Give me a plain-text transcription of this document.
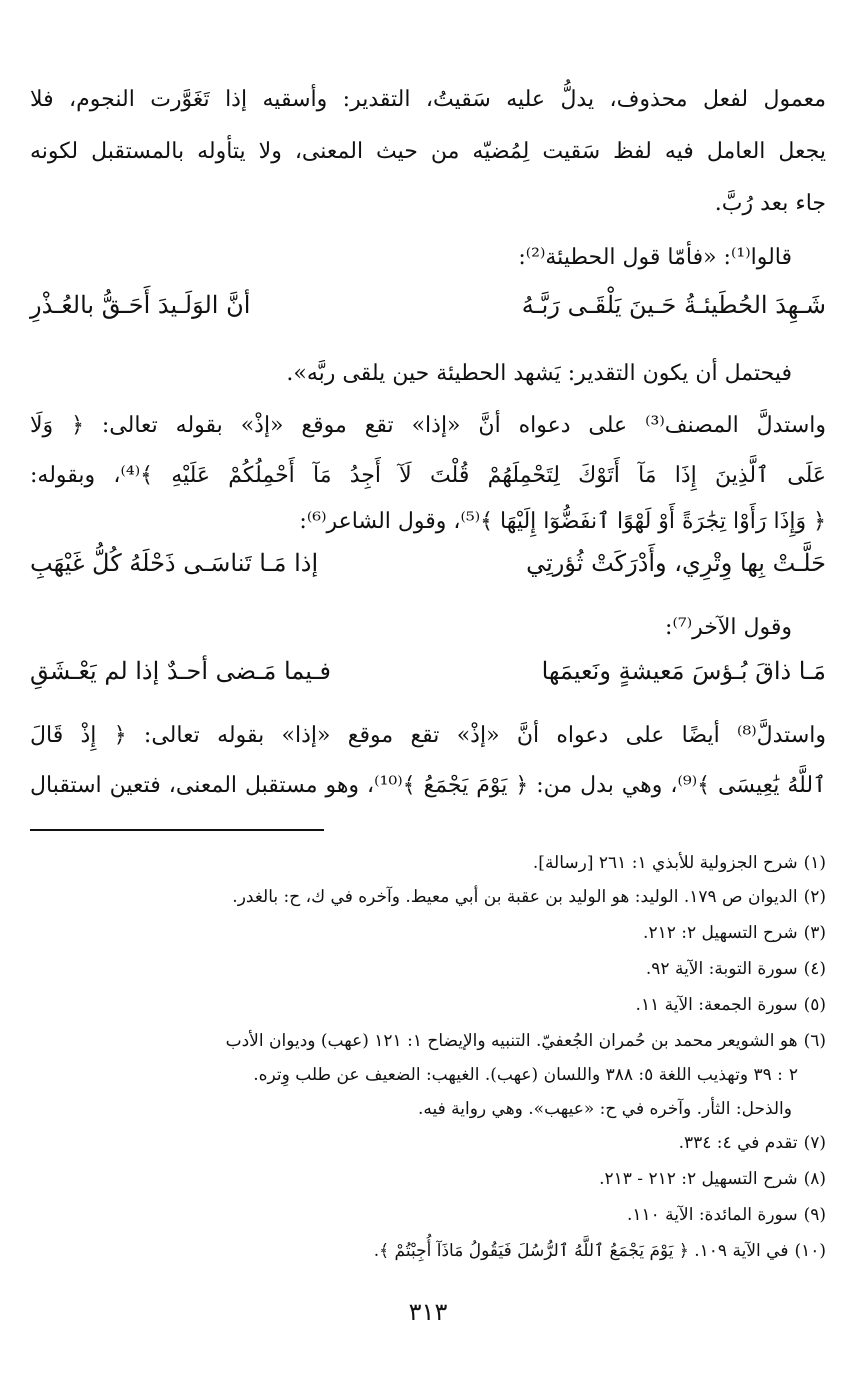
معمول لفعل محذوف، يدلُّ عليه سَقيتُ، التقدير: وأسقيه إذا تَغَوَّرت النجوم، فلا
يجعل العامل فيه لفظ سَقيت لِمُضيّه من حيث المعنى، ولا يتأوله بالمستقبل لكونه
جاء بعد رُبَّ.
قالوا⁽¹⁾: «فأمّا قول الحطيئة⁽²⁾:
شَـهِدَ الحُطَيئـةُ حَـينَ يَلْقَـى رَبَّـهُ
أنَّ الوَلَـيدَ أَحَـقُّ بالعُـذْرِ
فيحتمل أن يكون التقدير: يَشهد الحطيئة حين يلقى ربَّه».
واستدلَّ المصنف⁽³⁾ على دعواه أنَّ «إذا» تقع موقع «إذْ» بقوله تعالى: ﴿ وَلَا
عَلَى ٱلَّذِينَ إِذَا مَآ أَتَوْكَ لِتَحْمِلَهُمْ قُلْتَ لَآ أَجِدُ مَآ أَحْمِلُكُمْ عَلَيْهِ ﴾⁽⁴⁾، وبقوله:
﴿ وَإِذَا رَأَوْا تِجَٰرَةً أَوْ لَهْوًا ٱنفَضُّوٓا إِلَيْهَا ﴾⁽⁵⁾، وقول الشاعر⁽⁶⁾:
حَلَّـتْ بِها وِتْرِي، وأَدْرَكَتْ ثُؤرتِي
إذا مَـا تَناسَـى ذَحْلَهُ كُلُّ غَيْهَبِ
وقول الآخر⁽⁷⁾:
مَـا ذاقَ بُـؤسَ مَعيشةٍ ونَعيمَها
فـيما مَـضى أحـدٌ إذا لم يَعْـشَقِ
واستدلَّ⁽⁸⁾ أيضًا على دعواه أنَّ «إذْ» تقع موقع «إذا» بقوله تعالى: ﴿ إِذْ قَالَ
ٱللَّهُ يَٰعِيسَى ﴾⁽⁹⁾، وهي بدل من: ﴿ يَوْمَ يَجْمَعُ ﴾⁽¹⁰⁾، وهو مستقبل المعنى، فتعين استقبال
(١)شرح الجزولية للأبذي ١: ٢٦١ [رسالة].
(٢)الديوان ص ١٧٩. الوليد: هو الوليد بن عقبة بن أبي معيط. وآخره في ك، ح: بالغدر.
(٣)شرح التسهيل ٢: ٢١٢.
(٤)سورة التوبة: الآية ٩٢.
(٥)سورة الجمعة: الآية ١١.
(٦)هو الشويعر محمد بن حُمران الجُعفيّ. التنبيه والإيضاح ١: ١٢١ (عهب) وديوان الأدب
٢: ٣٩ وتهذيب اللغة ٥: ٣٨٨ واللسان (عهب). الغيهب: الضعيف عن طلب وِتره.
والذحل: الثأر. وآخره في ح: «عيهب». وهي رواية فيه.
(٧)تقدم في ٤: ٣٣٤.
(٨)شرح التسهيل ٢: ٢١٢ - ٢١٣.
(٩)سورة المائدة: الآية ١١٠.
(١٠)في الآية ١٠٩. ﴿ يَوْمَ يَجْمَعُ ٱللَّهُ ٱلرُّسُلَ فَيَقُولُ مَاذَآ أُجِبْتُمْ ﴾.
٣١٣
